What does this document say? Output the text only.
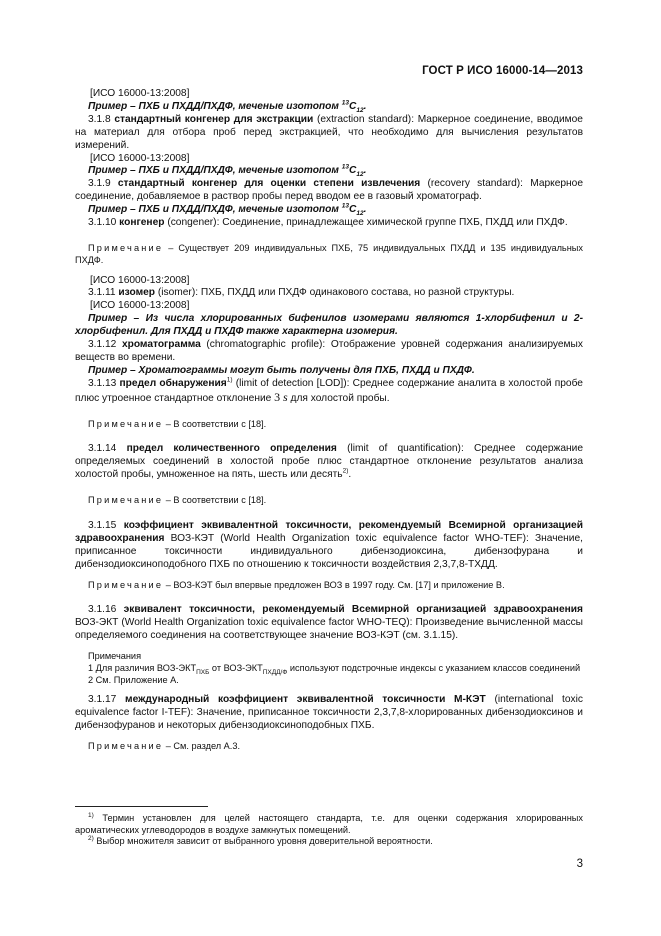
ГОСТ Р ИСО 16000-14—2013

[ИСО 16000-13:2008]

Пример – ПХБ и ПХДД/ПХДФ, меченые изотопом $^{13}С_{12}$.

3.1.8 стандартный конгенер для экстракции (extraction standard): Маркерное соединение, вводимое на материал для отбора проб перед экстракцией, что необходимо для вычисления результатов измерений.

[ИСО 16000-13:2008]

Пример – ПХБ и ПХДД/ПХДФ, меченые изотопом $^{13}С_{12}$.

3.1.9 стандартный конгенер для оценки степени извлечения (recovery standard): Маркерное соединение, добавляемое в раствор пробы перед вводом ее в газовый хроматограф.

Пример – ПХБ и ПХДД/ПХДФ, меченые изотопом $^{13}С_{12}$.

3.1.10 конгенер (congener): Соединение, принадлежащее химической группе ПХБ, ПХДД или ПХДФ.

Примечание – Существует 209 индивидуальных ПХБ, 75 индивидуальных ПХДД и 135 индивидуальных ПХДФ.

[ИСО 16000-13:2008]

3.1.11 изомер (isomer): ПХБ, ПХДД или ПХДФ одинакового состава, но разной структуры.

[ИСО 16000-13:2008]

Пример – Из числа хлорированных бифенилов изомерами являются 1-хлорбифенил и 2-хлорбифенил. Для ПХДД и ПХДФ также характерна изомерия.

3.1.12 хроматограмма (chromatographic profile): Отображение уровней содержания анализируемых веществ во времени.

Пример – Хроматограммы могут быть получены для ПХБ, ПХДД и ПХДФ.

3.1.13 предел обнаружения$^{1)}$ (limit of detection [LOD]): Среднее содержание аналита в холостой пробе плюс утроенное стандартное отклонение 3 s для холостой пробы.

Примечание – В соответствии с [18].

3.1.14 предел количественного определения (limit of quantification): Среднее содержание определяемых соединений в холостой пробе плюс стандартное отклонение результатов анализа холостой пробы, умноженное на пять, шесть или десять$^{2)}$.

Примечание – В соответствии с [18].

3.1.15 коэффициент эквивалентной токсичности, рекомендуемый Всемирной организацией здравоохранения ВОЗ-КЭТ (World Health Organization toxic equivalence factor WHO-TEF): Значение, приписанное токсичности индивидуального дибензодиоксина, дибензофурана и дибензодиоксиноподобного ПХБ по отношению к токсичности воздействия 2,3,7,8-ТХДД.

Примечание – ВОЗ-КЭТ был впервые предложен ВОЗ в 1997 году. См. [17] и приложение В.

3.1.16 эквивалент токсичности, рекомендуемый Всемирной организацией здравоохранения ВОЗ-ЭКТ (World Health Organization toxic equivalence factor WHO-TEQ): Произведение вычисленной массы определяемого соединения на соответствующее значение ВОЗ-КЭТ (см. 3.1.15).

Примечания

1 Для различия ВОЗ-$ЭКТ_{ПХБ}$ от ВОЗ-$ЭКТ_{ПХДД/Ф}$ используют подстрочные индексы с указанием классов соединений

2 См. Приложение А.

3.1.17 международный коэффициент эквивалентной токсичности М-КЭТ (international toxic equivalence factor I-TEF): Значение, приписанное токсичности 2,3,7,8-хлорированных дибензодиоксинов и дибензофуранов и некоторых дибензодиоксиноподобных ПХБ.

Примечание – См. раздел А.3.

$^{1)}$ Термин установлен для целей настоящего стандарта, т.е. для оценки содержания хлорированных ароматических углеводородов в воздухе замкнутых помещений.

$^{2)}$ Выбор множителя зависит от выбранного уровня доверительной вероятности.

3
